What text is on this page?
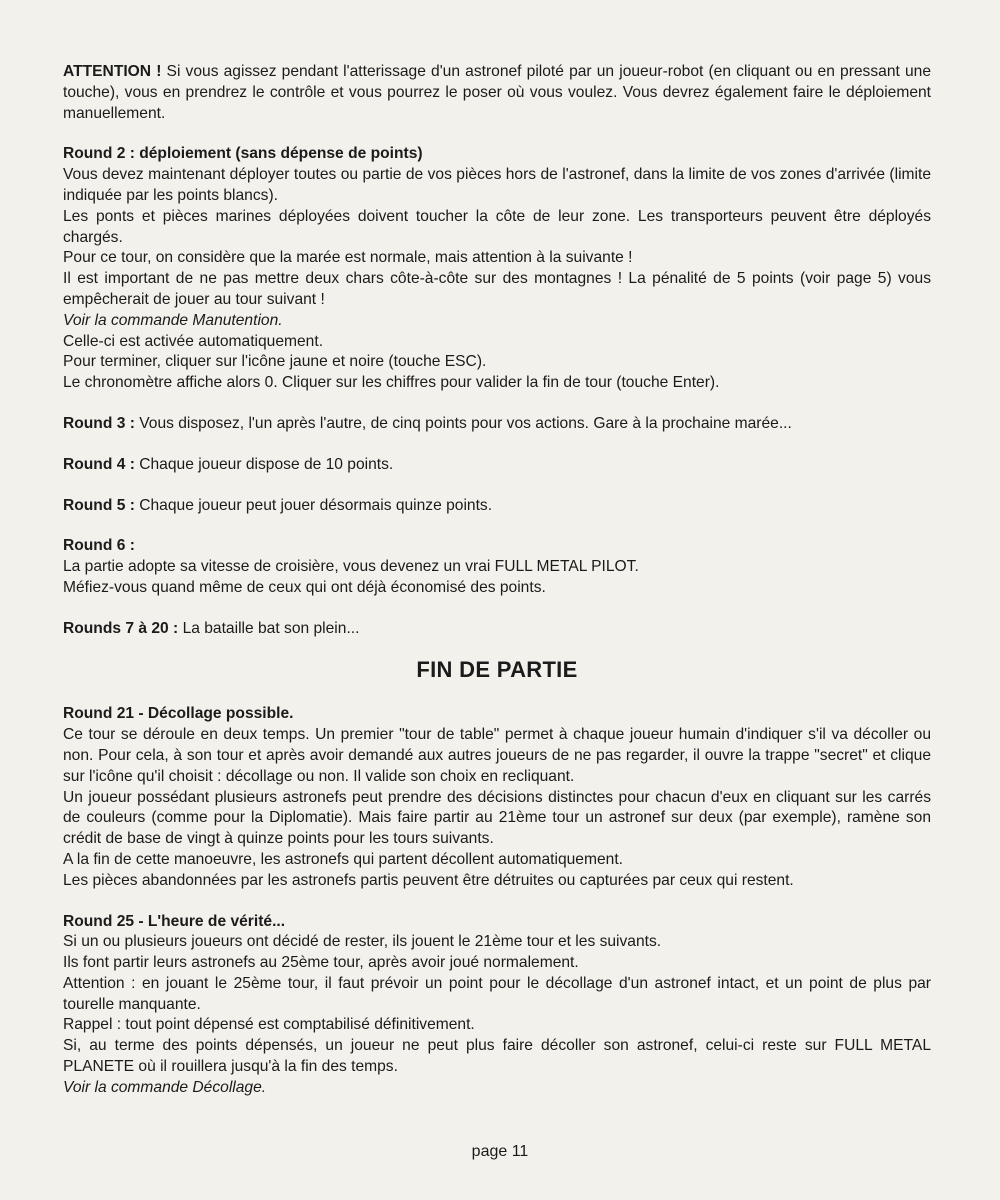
ATTENTION ! Si vous agissez pendant l'atterissage d'un astronef piloté par un joueur-robot (en cliquant ou en pressant une touche), vous en prendrez le contrôle et vous pourrez le poser où vous voulez. Vous devrez également faire le déploiement manuellement.

Round 2 : déploiement (sans dépense de points)

Vous devez maintenant déployer toutes ou partie de vos pièces hors de l'astronef, dans la limite de vos zones d'arrivée (limite indiquée par les points blancs).

Les ponts et pièces marines déployées doivent toucher la côte de leur zone. Les transporteurs peuvent être déployés chargés.

Pour ce tour, on considère que la marée est normale, mais attention à la suivante !

Il est important de ne pas mettre deux chars côte-à-côte sur des montagnes ! La pénalité de 5 points (voir page 5) vous empêcherait de jouer au tour suivant !

Voir la commande Manutention.

Celle-ci est activée automatiquement.

Pour terminer, cliquer sur l'icône jaune et noire (touche ESC).

Le chronomètre affiche alors 0. Cliquer sur les chiffres pour valider la fin de tour (touche Enter).

Round 3 : Vous disposez, l'un après l'autre, de cinq points pour vos actions. Gare à la prochaine marée...

Round 4 : Chaque joueur dispose de 10 points.

Round 5 : Chaque joueur peut jouer désormais quinze points.

Round 6 :

La partie adopte sa vitesse de croisière, vous devenez un vrai FULL METAL PILOT.

Méfiez-vous quand même de ceux qui ont déjà économisé des points.

Rounds 7 à 20 : La bataille bat son plein...

FIN DE PARTIE

Round 21 - Décollage possible.

Ce tour se déroule en deux temps. Un premier "tour de table" permet à chaque joueur humain d'indiquer s'il va décoller ou non. Pour cela, à son tour et après avoir demandé aux autres joueurs de ne pas regarder, il ouvre la trappe "secret" et clique sur l'icône qu'il choisit : décollage ou non. Il valide son choix en recliquant.

Un joueur possédant plusieurs astronefs peut prendre des décisions distinctes pour chacun d'eux en cliquant sur les carrés de couleurs (comme pour la Diplomatie). Mais faire partir au 21ème tour un astronef sur deux (par exemple), ramène son crédit de base de vingt à quinze points pour les tours suivants.

A la fin de cette manoeuvre, les astronefs qui partent décollent automatiquement.

Les pièces abandonnées par les astronefs partis peuvent être détruites ou capturées par ceux qui restent.

Round 25 - L'heure de vérité...

Si un ou plusieurs joueurs ont décidé de rester, ils jouent le 21ème tour et les suivants.

Ils font partir leurs astronefs au 25ème tour, après avoir joué normalement.

Attention : en jouant le 25ème tour, il faut prévoir un point pour le décollage d'un astronef intact, et un point de plus par tourelle manquante.

Rappel : tout point dépensé est comptabilisé définitivement.

Si, au terme des points dépensés, un joueur ne peut plus faire décoller son astronef, celui-ci reste sur FULL METAL PLANETE où il rouillera jusqu'à la fin des temps.

Voir la commande Décollage.

page 11
